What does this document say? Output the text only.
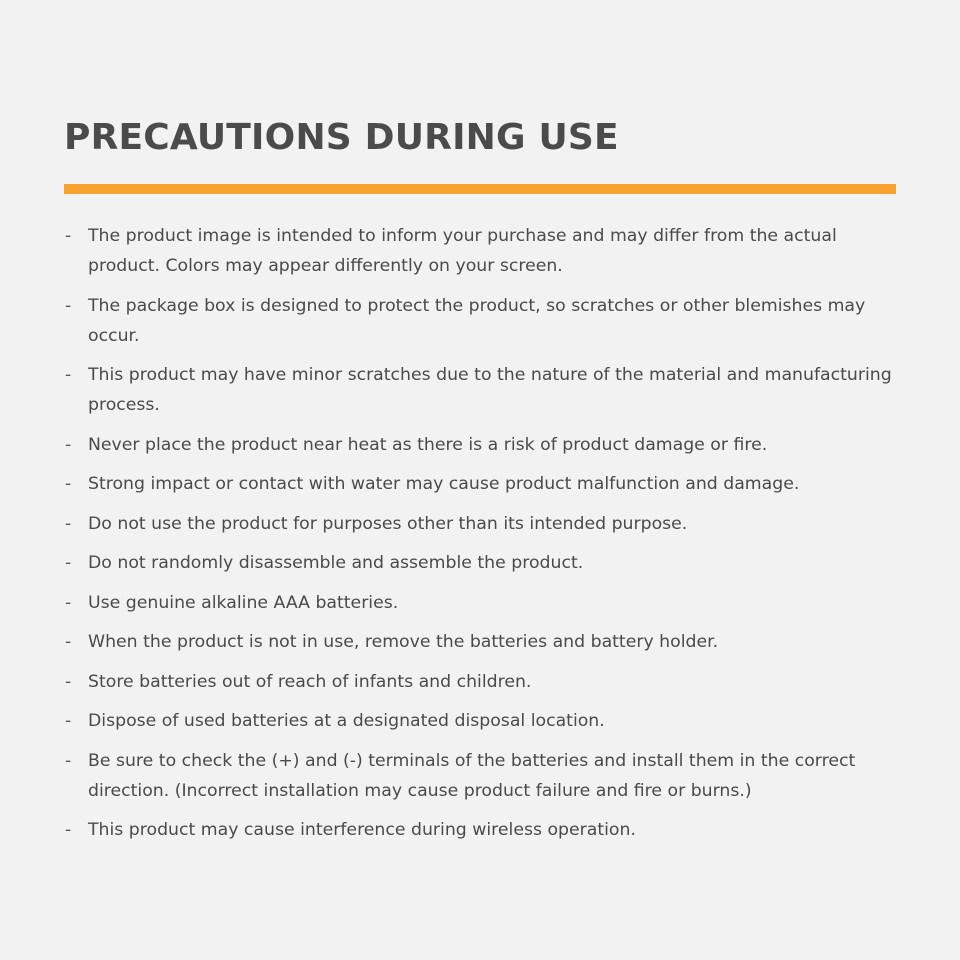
PRECAUTIONS DURING USE
- The product image is intended to inform your purchase and may differ from the actual product. Colors may appear differently on your screen.
- The package box is designed to protect the product, so scratches or other blemishes may occur.
- This product may have minor scratches due to the nature of the material and manufacturing process.
- Never place the product near heat as there is a risk of product damage or fire.
- Strong impact or contact with water may cause product malfunction and damage.
- Do not use the product for purposes other than its intended purpose.
- Do not randomly disassemble and assemble the product.
- Use genuine alkaline AAA batteries.
- When the product is not in use, remove the batteries and battery holder.
- Store batteries out of reach of infants and children.
- Dispose of used batteries at a designated disposal location.
- Be sure to check the (+) and (-) terminals of the batteries and install them in the correct direction. (Incorrect installation may cause product failure and fire or burns.)
- This product may cause interference during wireless operation.
